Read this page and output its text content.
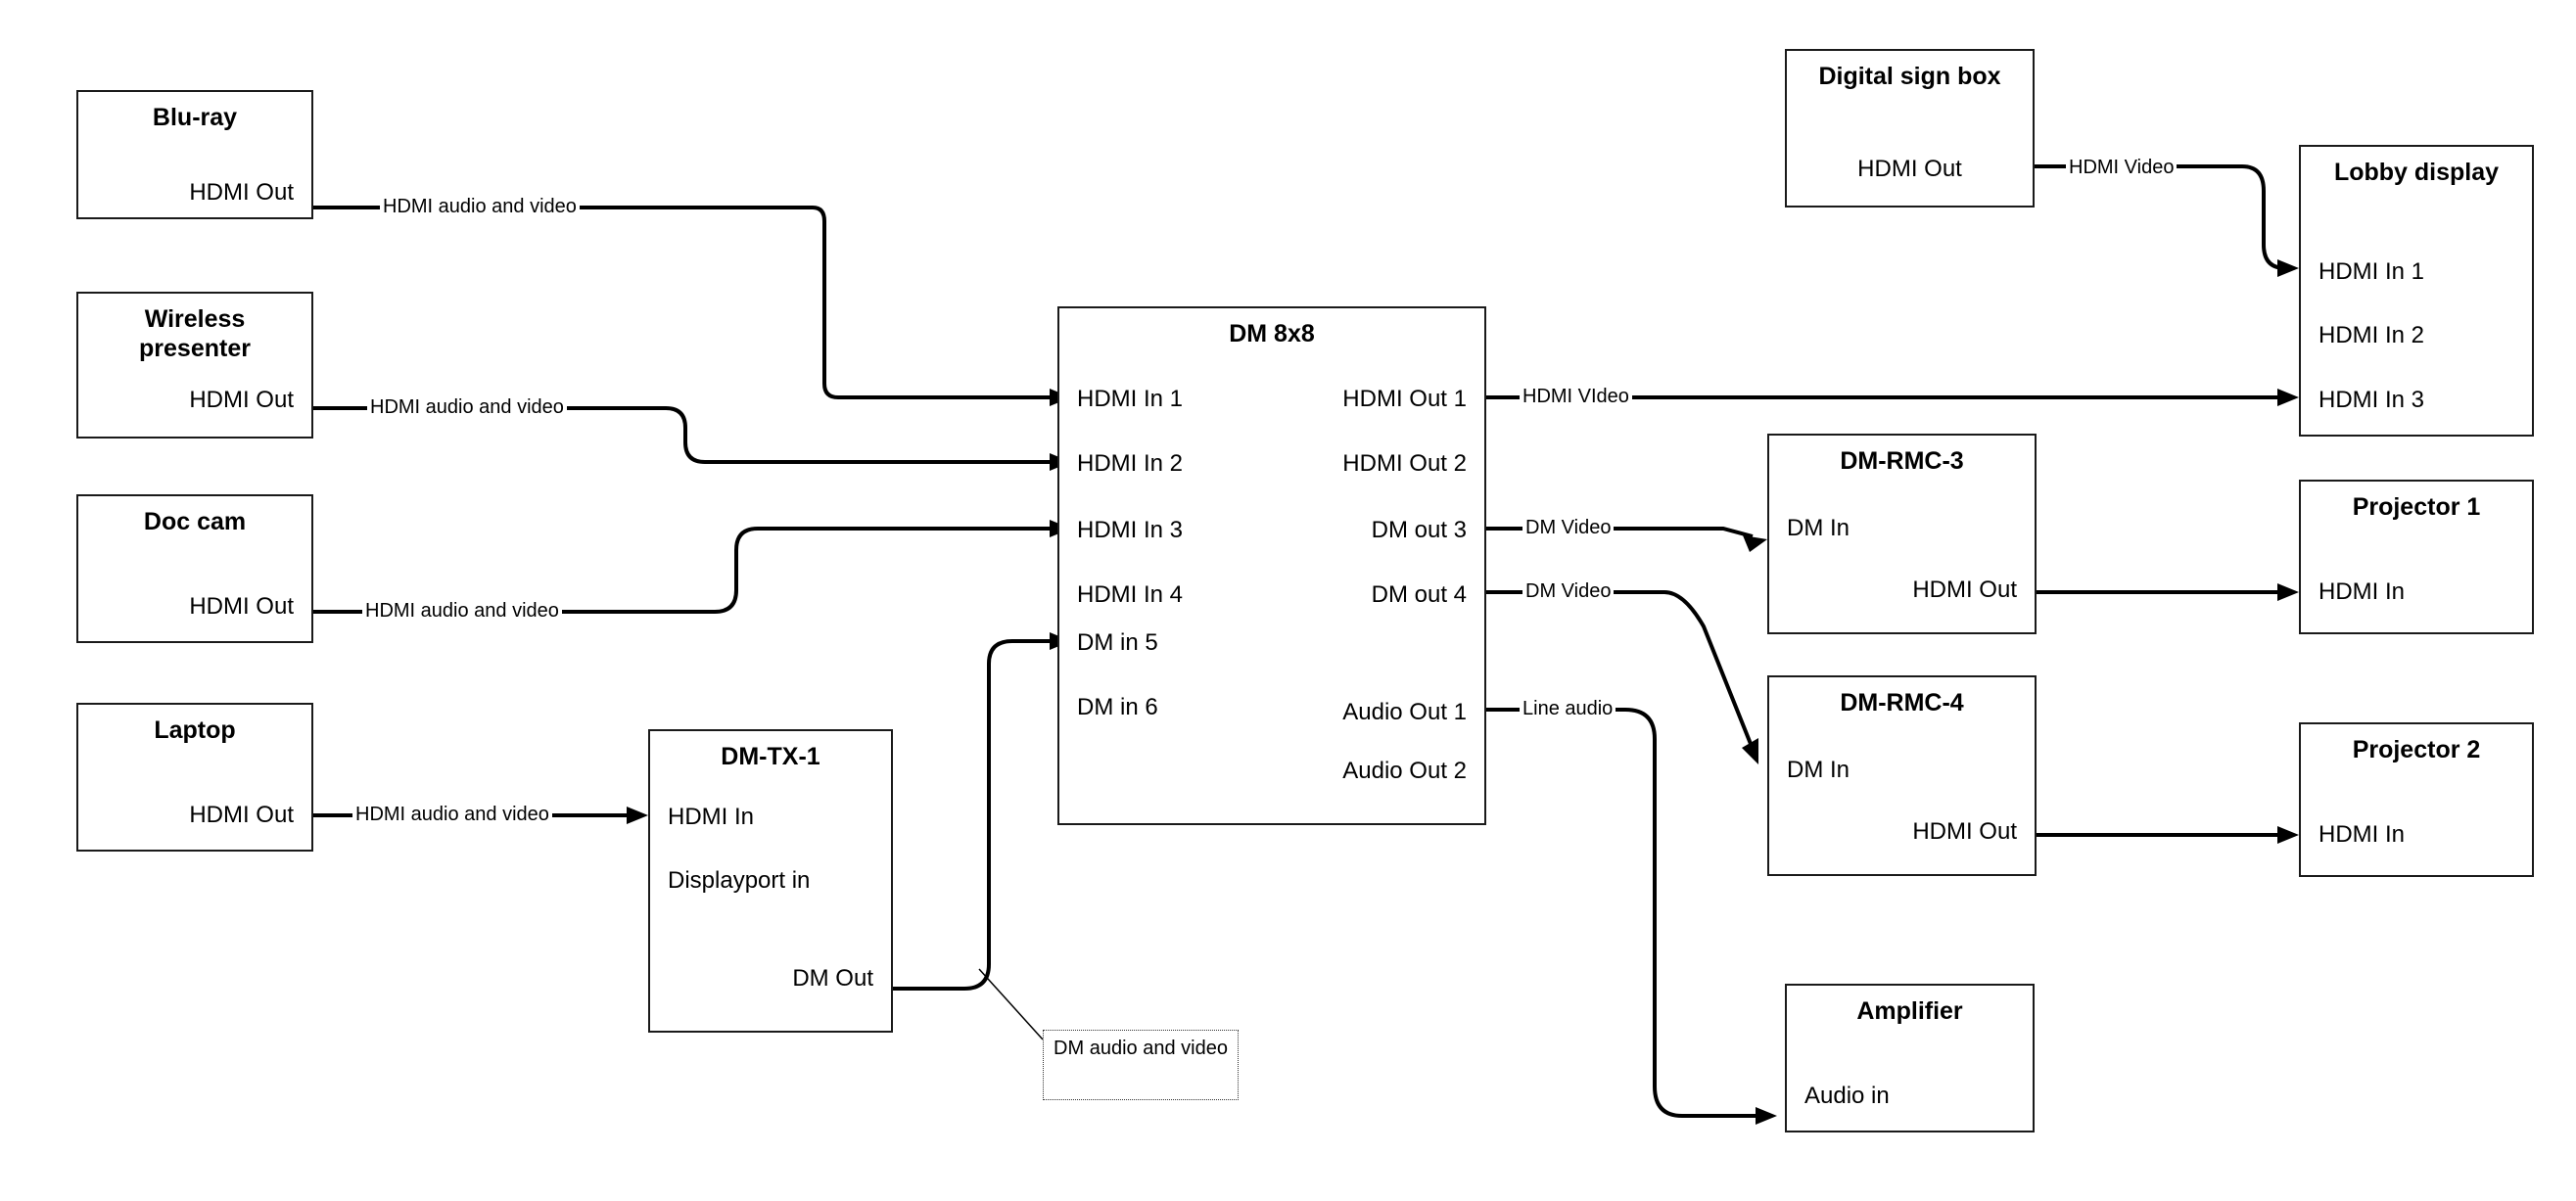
Blu-ray
HDMI Out
Wireless presenter
HDMI Out
Doc cam
HDMI Out
Laptop
HDMI Out
DM-TX-1
HDMI In
Displayport in
DM Out
DM 8x8
HDMI In 1
HDMI In 2
HDMI In 3
HDMI In 4
DM in 5
DM in 6
HDMI Out 1
HDMI Out 2
DM out 3
DM out 4
Audio Out 1
Audio Out 2
Digital sign box
HDMI Out	Lobby display
HDMI In 1
HDMI In 2
HDMI In 3
DM-RMC-3
DM In
HDMI Out
DM-RMC-4
DM In
HDMI Out
Projector 1
HDMI In
Projector 2
HDMI In
Amplifier
Audio in
HDMI audio and video
HDMI audio and video
HDMI audio and video
HDMI audio and video
HDMI Video
HDMI VIdeo
DM Video
DM Video
Line audio
DM audio and video
